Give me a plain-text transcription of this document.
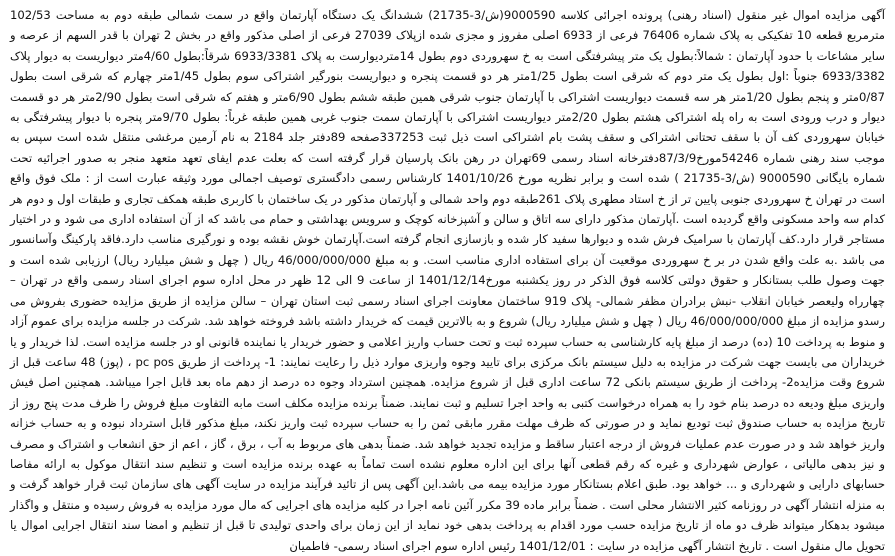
آگهی مزایده اموال غیر منقول (اسناد رهنی) پرونده اجرائی کلاسه 9000590(ش/3-21735) ششدانگ یک دستگاه آپارتمان واقع در سمت شمالی طبقه دوم به مساحت 102/53 مترمربع قطعه 10 تفکیکی به پلاک شماره 76406 فرعی از 6933 اصلی مفروز و مجزی شده ازپلاک 27039 فرعی از اصلی مذکور واقع در بخش 2 تهران با قدر السهم از عرصه و سایر مشاعات با حدود آپارتمان : شمالاً:بطول یک متر پیشرفتگی است به خ سهروردی دوم بطول 14متردیوارست به پلاک 6933/3381 شرقاً:بطول 4/60متر دیواریست به دیوار پلاک 6933/3382 جنوباً :اول بطول یک متر دوم که شرقی است بطول 1/25متر هر دو قسمت پنجره و دیواریست بنورگیر اشتراکی سوم بطول 1/45متر چهارم که شرقی است بطول 0/87متر و پنجم بطول 1/20متر هر سه قسمت دیواریست اشتراکی با آپارتمان جنوب شرقی همین طبقه ششم بطول 6/90متر و هفتم که شرقی است بطول 2/90متر هر دو قسمت دیوار و درب ورودی است به راه پله اشتراکی هشتم بطول 2/20متر دیواریست اشتراکی با آپارتمان سمت جنوب غربی همین طبقه غرباً: بطول 9/70متر پنجره با دیوار پیشرفتگی به خیابان سهروردی کف آن با سقف تحتانی اشتراکی و سقف پشت بام اشتراکی است ذیل ثبت 337253صفحه 89دفتر جلد 2184 به نام آرمین مرغشی منتقل شده است سپس به موجب سند رهنی شماره 54246مورخ87/3/9دفترخانه اسناد رسمی 69تهران در رهن بانک پارسیان قرار گرفته است که بعلت عدم ایفای تعهد متعهد منجر به صدور اجرائیه تحت شماره بایگانی 9000590 (ش/3-21735 ) شده است و برابر نظریه مورخ 1401/10/26 کارشناس رسمی دادگستری توصیف اجمالی مورد وثیقه عبارت است از : ملک فوق واقع است در تهران خ سهروردی جنوبی پایین تر از خ استاد مطهری پلاک 261طبقه دوم واحد شمالی و آپارتمان مذکور در یک ساختمان با کاربری طبقه همکف تجاری و طبقات اول و دوم هر کدام سه واحد مسکونی واقع گردیده است .آپارتمان مذکور دارای سه اتاق و سالن و آشپزخانه کوچک و سرویس بهداشتی و حمام می باشد که از آن استفاده اداری می شود و در اختیار مستاجر قرار دارد.کف آپارتمان با سرامیک فرش شده و دیوارها سفید کار شده و بازسازی انجام گرفته است.آپارتمان خوش نقشه بوده و نورگیری مناسب دارد.فاقد پارکینگ وآسانسور می باشد .به علت واقع شدن در بر خ سهروردی موقعیت آن برای استفاده اداری مناسب است. و به مبلغ 46/000/000/000 ریال ( چهل و شش میلیارد ریال) ارزیابی شده است و جهت وصول طلب بستانکار و حقوق دولتی کلاسه فوق الذکر در روز یکشنبه مورخ1401/12/14 از ساعت 9 الی 12 ظهر در محل اداره سوم اجرای اسناد رسمی واقع در تهران – چهارراه ولیعصر خیابان انقلاب -نبش برادران مظفر شمالی- پلاک 919 ساختمان معاونت اجرای اسناد رسمی ثبت استان تهران – سالن مزایده از طریق مزایده حضوری بفروش می رسدو مزایده از مبلغ 46/000/000/000 ریال ( چهل و شش میلیارد ریال) شروع و به بالاترین قیمت که خریدار داشته باشد فروخته خواهد شد. شرکت در جلسه مزایده برای عموم آزاد و منوط به پرداخت 10 (ده) درصد از مبلغ پایه کارشناسی به حساب سپرده ثبت و تحت حساب واریز اعلامی و حضور خریدار یا نماینده قانونی او در جلسه مزایده است. لذا خریدار و یا خریداران می بایست جهت شرکت در مزایده به دلیل سیستم بانک مرکزی برای تایید وجوه واریزی موارد ذیل را رعایت نمایند: 1- پرداخت از طریق pc pos ، (پوز) 48 ساعت قبل از شروع وقت مزایده2- پرداخت از طریق سیستم بانکی 72 ساعت اداری قبل از شروع مزایده. همچنین استرداد وجوه ده درصد از دهم ماه بعد قابل اجرا میباشد. همچنین اصل فیش واریزی مبلغ ودیعه ده درصد بنام خود را به همراه درخواست کتبی به واحد اجرا تسلیم و ثبت نمایند. ضمناً برنده مزایده مکلف است مابه التفاوت مبلغ فروش را ظرف مدت پنج روز از تاریخ مزایده به حساب صندوق ثبت تودیع نماید و در صورتی که ظرف مهلت مقرر مابقی ثمن را به حساب سپرده ثبت واریز نکند، مبلغ مذکور قابل استرداد نبوده و به حساب خزانه واریز خواهد شد و در صورت عدم عملیات فروش از درجه اعتبار ساقط و مزایده تجدید خواهد شد. ضمناً بدهی های مربوط به آب ، برق ، گاز ، اعم از حق انشعاب و اشتراک و مصرف و نیز بدهی مالیاتی ، عوارض شهرداری و غیره که رقم قطعی آنها برای این اداره معلوم نشده است تماماً به عهده برنده مزایده است و تنظیم سند انتقال موکول به ارائه مفاصا حسابهای دارایی و شهرداری و ... خواهد بود. طبق اعلام بستانکار مورد مزایده بیمه می باشد.این آگهی پس از تائید فرآیند مزایده در سایت آگهی های سازمان ثبت قرار خواهد گرفت و به منزله انتشار آگهی در روزنامه کثیر الانتشار محلی است . ضمناً برابر ماده 39 مکرر آئین نامه اجرا در کلیه مزایده های اجرایی که مال مورد مزایده به فروش رسیده و منتقل و واگذار میشود بدهکار میتواند ظرف دو ماه از تاریخ مزایده حسب مورد اقدام به پرداخت بدهی خود نماید از این زمان برای واحدی تولیدی تا قبل از تنظیم و امضا سند انتقال اجرایی اموال یا تحویل مال منقول است . تاریخ انتشار آگهی مزایده در سایت : 1401/12/01 رئیس اداره سوم اجرای اسناد رسمی- فاطمیان
